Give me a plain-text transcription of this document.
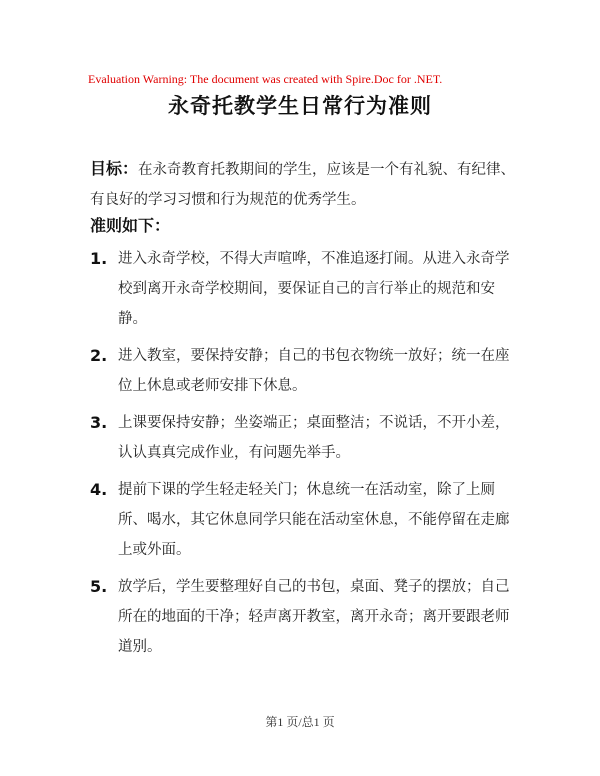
Evaluation Warning: The document was created with Spire.Doc for .NET.
永奇托教学生日常行为准则
目标：在永奇教育托教期间的学生，应该是一个有礼貌、有纪律、有良好的学习习惯和行为规范的优秀学生。
准则如下：
1. 进入永奇学校，不得大声喧哗，不准追逐打闹。从进入永奇学校到离开永奇学校期间，要保证自己的言行举止的规范和安静。
2. 进入教室，要保持安静；自己的书包衣物统一放好；统一在座位上休息或老师安排下休息。
3. 上课要保持安静；坐姿端正；桌面整洁；不说话，不开小差，认认真真完成作业，有问题先举手。
4. 提前下课的学生轻走轻关门；休息统一在活动室，除了上厕所、喝水，其它休息同学只能在活动室休息，不能停留在走廊上或外面。
5. 放学后，学生要整理好自己的书包，桌面、凳子的摆放；自己所在的地面的干净；轻声离开教室，离开永奇；离开要跟老师道别。
第1 页/总1 页
